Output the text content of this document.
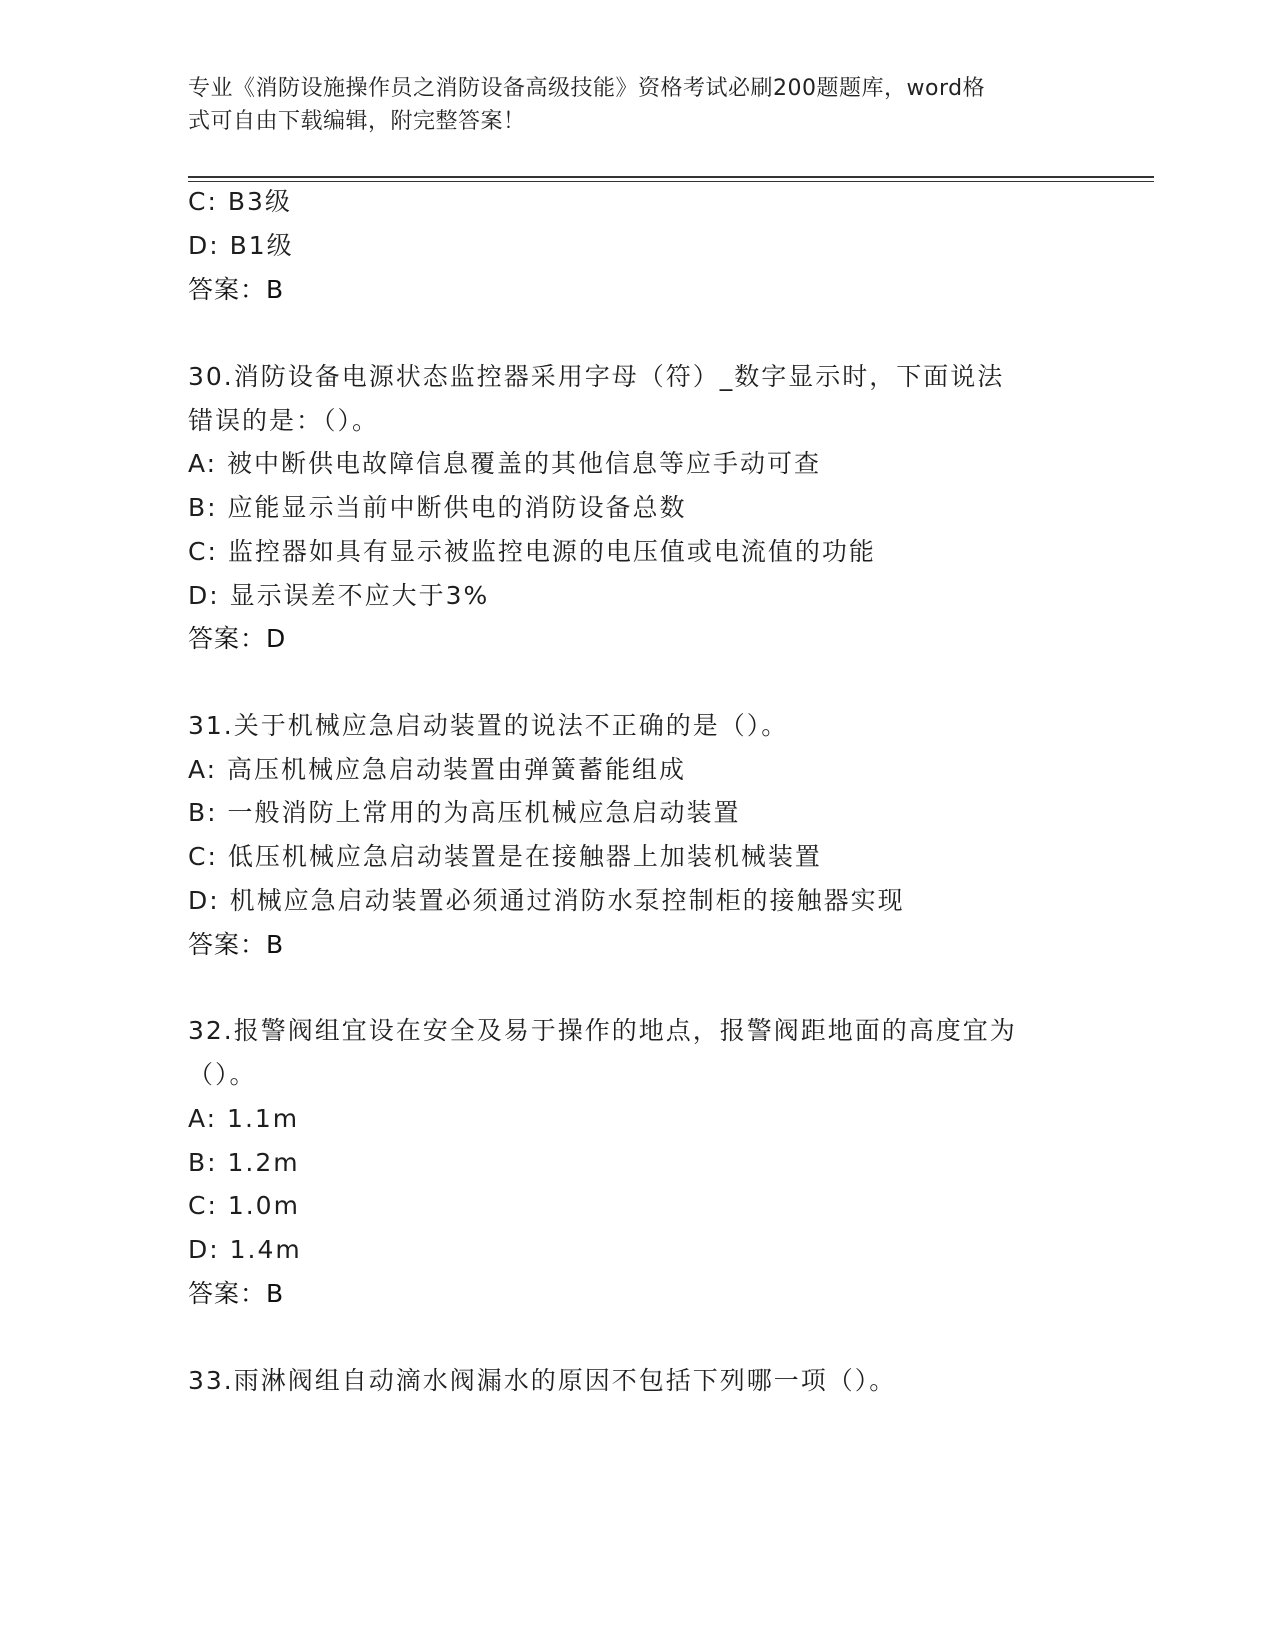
专业《消防设施操作员之消防设备高级技能》资格考试必刷200题题库，word格
式可自由下载编辑，附完整答案！
C: B3级
D: B1级
答案：B
30.消防设备电源状态监控器采用字母（符）_数字显示时，下面说法
错误的是：（）。
A: 被中断供电故障信息覆盖的其他信息等应手动可查
B: 应能显示当前中断供电的消防设备总数
C: 监控器如具有显示被监控电源的电压值或电流值的功能
D: 显示误差不应大于3%
答案：D
31.关于机械应急启动装置的说法不正确的是（）。
A: 高压机械应急启动装置由弹簧蓄能组成
B: 一般消防上常用的为高压机械应急启动装置
C: 低压机械应急启动装置是在接触器上加装机械装置
D: 机械应急启动装置必须通过消防水泵控制柜的接触器实现
答案：B
32.报警阀组宜设在安全及易于操作的地点，报警阀距地面的高度宜为
（）。
A: 1.1m
B: 1.2m
C: 1.0m
D: 1.4m
答案：B
33.雨淋阀组自动滴水阀漏水的原因不包括下列哪一项（）。
